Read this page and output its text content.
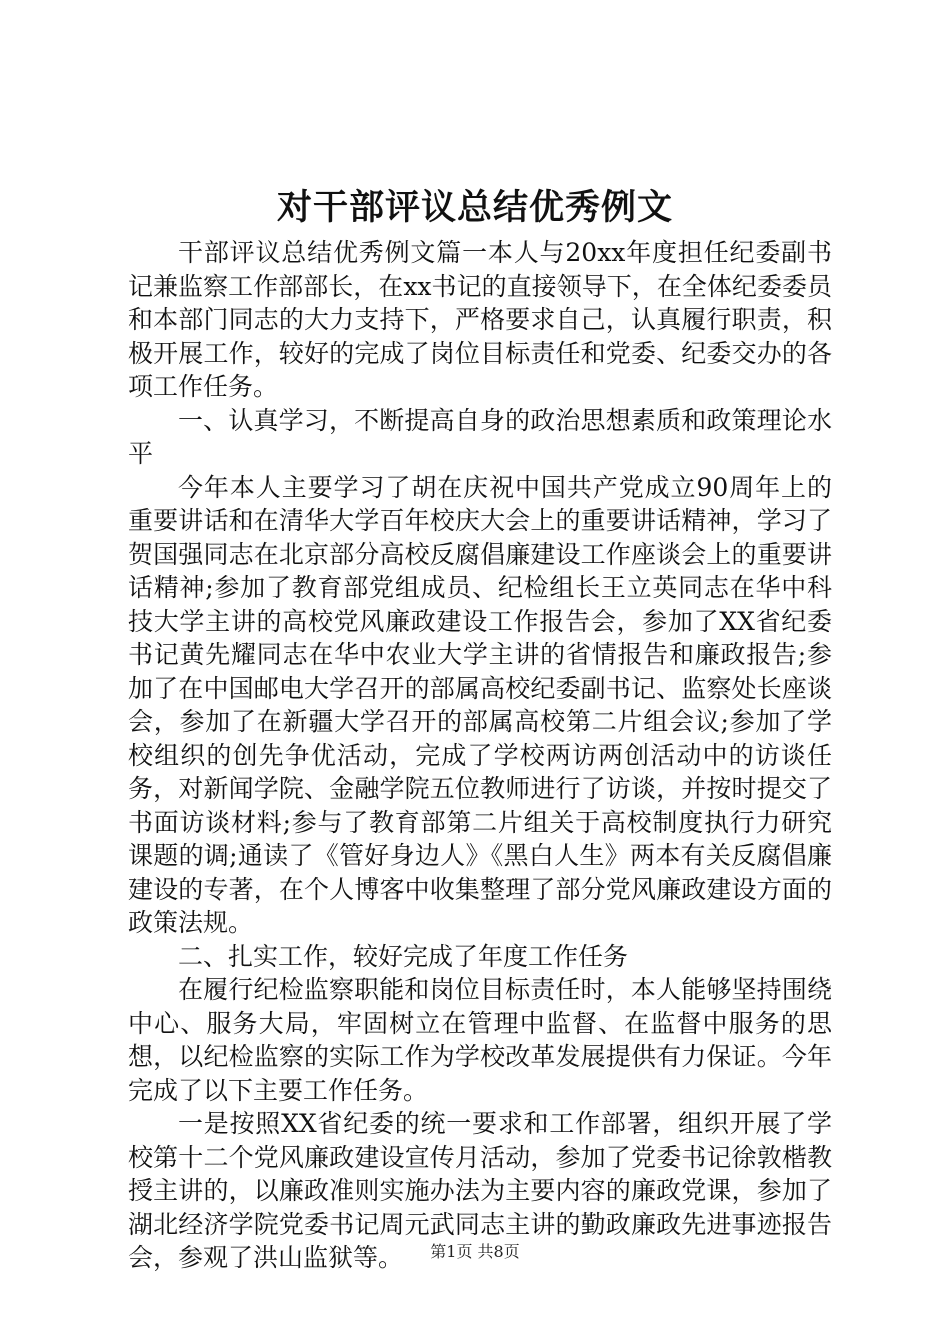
对干部评议总结优秀例文

干部评议总结优秀例文篇一本人与20xx年度担任纪委副书记兼监察工作部部长，在xx书记的直接领导下，在全体纪委委员和本部门同志的大力支持下，严格要求自己，认真履行职责，积极开展工作，较好的完成了岗位目标责任和党委、纪委交办的各项工作任务。

一、认真学习，不断提高自身的政治思想素质和政策理论水平

今年本人主要学习了胡在庆祝中国共产党成立90周年上的重要讲话和在清华大学百年校庆大会上的重要讲话精神，学习了贺国强同志在北京部分高校反腐倡廉建设工作座谈会上的重要讲话精神;参加了教育部党组成员、纪检组长王立英同志在华中科技大学主讲的高校党风廉政建设工作报告会，参加了XX省纪委书记黄先耀同志在华中农业大学主讲的省情报告和廉政报告;参加了在中国邮电大学召开的部属高校纪委副书记、监察处长座谈会，参加了在新疆大学召开的部属高校第二片组会议;参加了学校组织的创先争优活动，完成了学校两访两创活动中的访谈任务，对新闻学院、金融学院五位教师进行了访谈，并按时提交了书面访谈材料;参与了教育部第二片组关于高校制度执行力研究课题的调;通读了《管好身边人》《黑白人生》两本有关反腐倡廉建设的专著，在个人博客中收集整理了部分党风廉政建设方面的政策法规。

二、扎实工作，较好完成了年度工作任务

在履行纪检监察职能和岗位目标责任时，本人能够坚持围绕中心、服务大局，牢固树立在管理中监督、在监督中服务的思想，以纪检监察的实际工作为学校改革发展提供有力保证。今年完成了以下主要工作任务。

一是按照XX省纪委的统一要求和工作部署，组织开展了学校第十二个党风廉政建设宣传月活动，参加了党委书记徐敦楷教授主讲的，以廉政准则实施办法为主要内容的廉政党课，参加了湖北经济学院党委书记周元武同志主讲的勤政廉政先进事迹报告会，参观了洪山监狱等。	第1页 共8页
